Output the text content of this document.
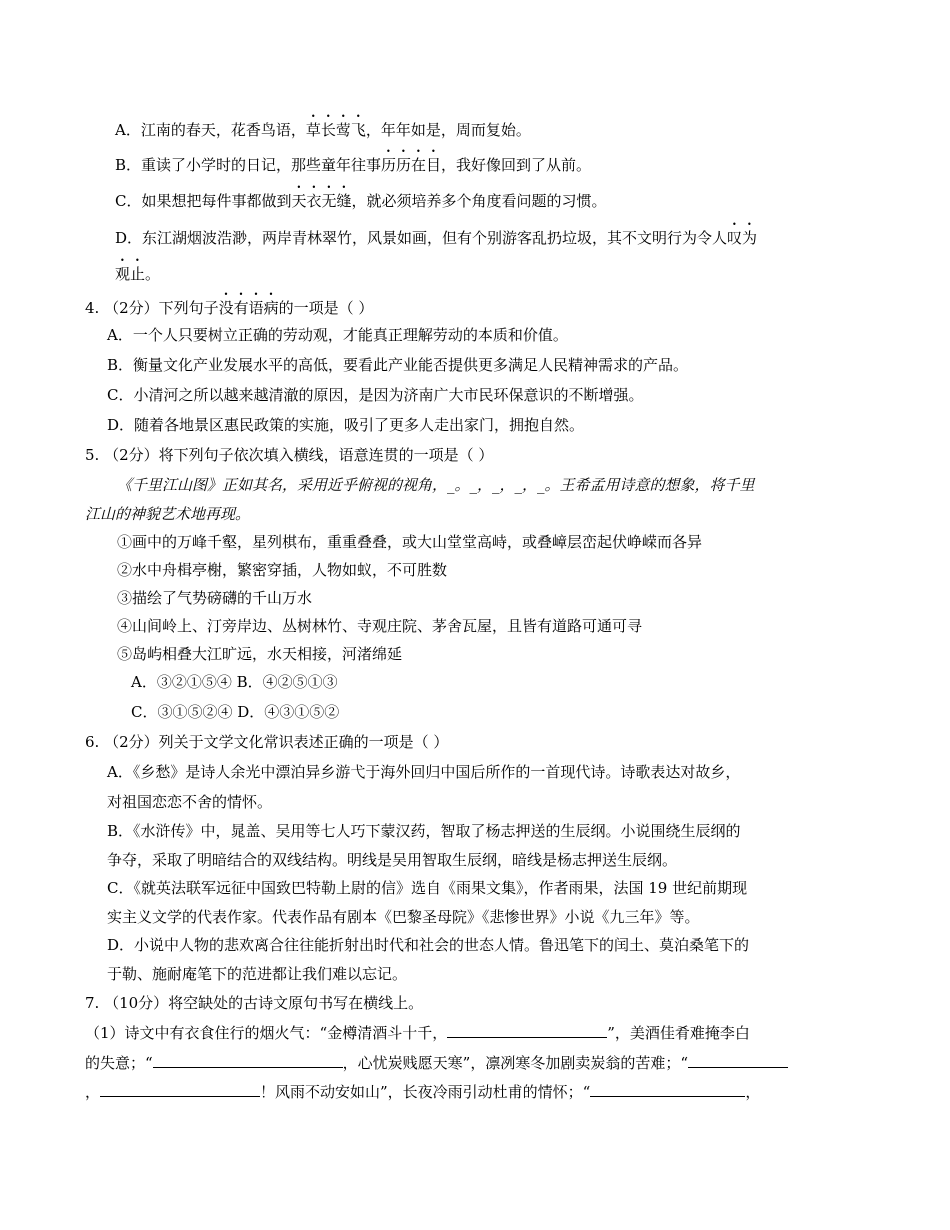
A．江南的春天，花香鸟语，草长莺飞，年年如是，周而复始。
B．重读了小学时的日记，那些童年往事历历在目，我好像回到了从前。
C．如果想把每件事都做到天衣无缝，就必须培养多个角度看问题的习惯。
D．东江湖烟波浩渺，两岸青林翠竹，风景如画，但有个别游客乱扔垃圾，其不文明行为令人叹为
观止。
4. （2分）下列句子没有语病的一项是（ ）
A．一个人只要树立正确的劳动观，才能真正理解劳动的本质和价值。
B．衡量文化产业发展水平的高低，要看此产业能否提供更多满足人民精神需求的产品。
C．小清河之所以越来越清澈的原因，是因为济南广大市民环保意识的不断增强。
D．随着各地景区惠民政策的实施，吸引了更多人走出家门，拥抱自然。
5. （2分）将下列句子依次填入横线，语意连贯的一项是（ ）
《千里江山图》正如其名，采用近乎俯视的视角，_。_，_，_，_。王希孟用诗意的想象，将千里
江山的神貌艺术地再现。
①画中的万峰千壑，星列棋布，重重叠叠，或大山堂堂高峙，或叠嶂层峦起伏峥嵘而各异
②水中舟楫亭榭，繁密穿插，人物如蚁，不可胜数
③描绘了气势磅礴的千山万水
④山间岭上、汀旁岸边、丛树林竹、寺观庄院、茅舍瓦屋，且皆有道路可通可寻
⑤岛屿相叠大江旷远，水天相接，河渚绵延
A．③②①⑤④ B．④②⑤①③
C．③①⑤②④ D．④③①⑤②
6. （2分）列关于文学文化常识表述正确的一项是（ ）
A．《乡愁》是诗人余光中漂泊异乡游弋于海外回归中国后所作的一首现代诗。诗歌表达对故乡，
对祖国恋恋不舍的情怀。
B．《水浒传》中，晁盖、吴用等七人巧下蒙汉药，智取了杨志押送的生辰纲。小说围绕生辰纲的
争夺，采取了明暗结合的双线结构。明线是吴用智取生辰纲，暗线是杨志押送生辰纲。
C．《就英法联军远征中国致巴特勒上尉的信》选自《雨果文集》，作者雨果，法国 19 世纪前期现
实主义文学的代表作家。代表作品有剧本《巴黎圣母院》《悲惨世界》小说《九三年》等。
D．小说中人物的悲欢离合往往能折射出时代和社会的世态人情。鲁迅笔下的闰土、莫泊桑笔下的
于勒、施耐庵笔下的范进都让我们难以忘记。
7. （10分）将空缺处的古诗文原句书写在横线上。
（1）诗文中有衣食住行的烟火气：“金樽清酒斗十千，	”，美酒佳肴难掩李白
的失意；“	，心忧炭贱愿天寒”，凛冽寒冬加剧卖炭翁的苦难；“
，	！风雨不动安如山”，长夜冷雨引动杜甫的情怀；“	，
